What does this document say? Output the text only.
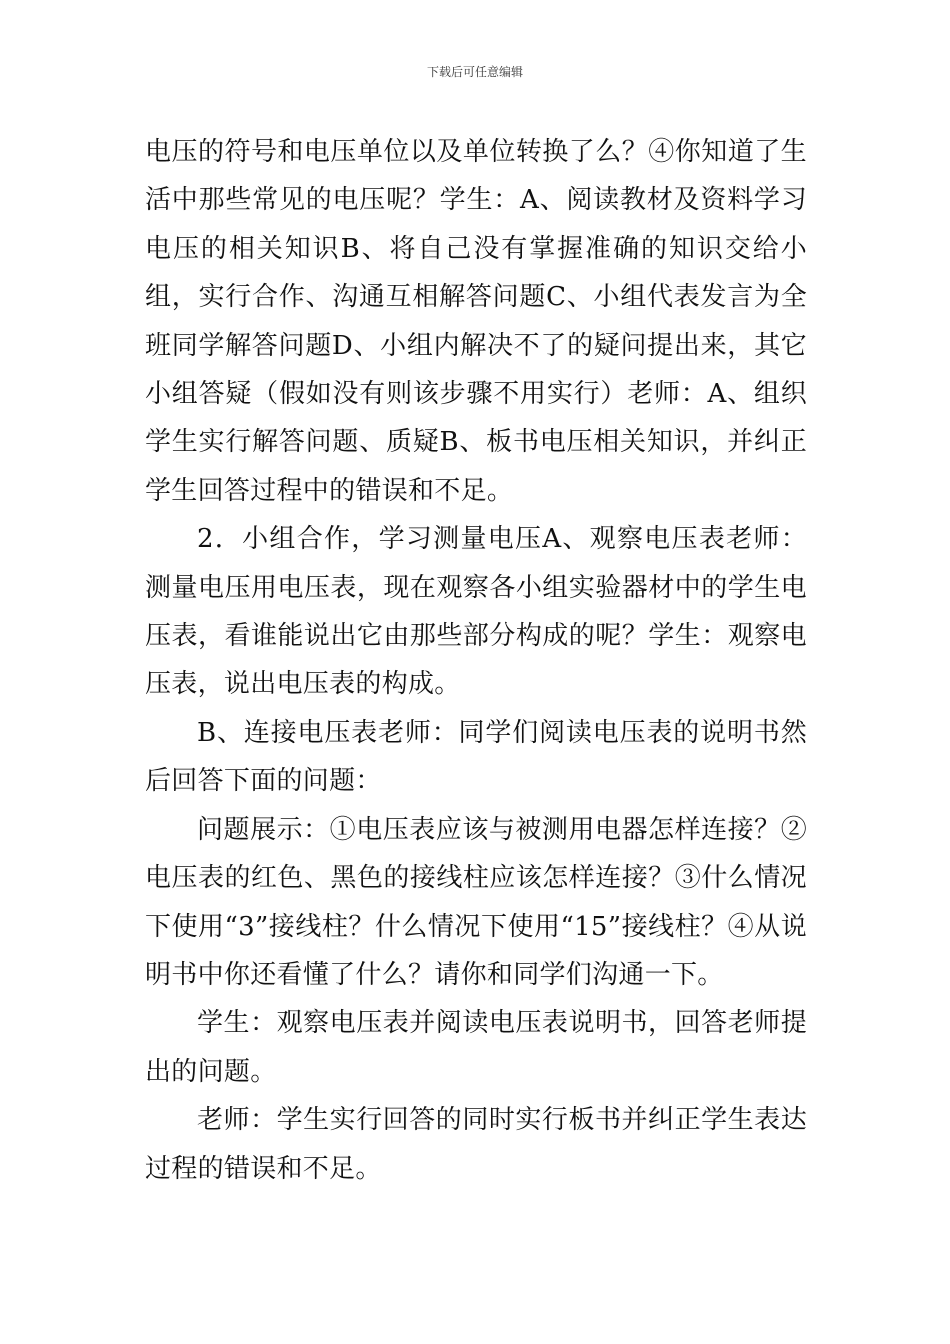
下载后可任意编辑

电压的符号和电压单位以及单位转换了么？④你知道了生活中那些常见的电压呢？学生：A、阅读教材及资料学习电压的相关知识B、将自己没有掌握准确的知识交给小组，实行合作、沟通互相解答问题C、小组代表发言为全班同学解答问题D、小组内解决不了的疑问提出来，其它小组答疑（假如没有则该步骤不用实行）老师：A、组织学生实行解答问题、质疑B、板书电压相关知识，并纠正学生回答过程中的错误和不足。

2．小组合作，学习测量电压A、观察电压表老师：测量电压用电压表，现在观察各小组实验器材中的学生电压表，看谁能说出它由那些部分构成的呢？学生：观察电压表，说出电压表的构成。

B、连接电压表老师：同学们阅读电压表的说明书然后回答下面的问题：

问题展示：①电压表应该与被测用电器怎样连接？②电压表的红色、黑色的接线柱应该怎样连接？③什么情况下使用“3”接线柱？什么情况下使用“15”接线柱？④从说明书中你还看懂了什么？请你和同学们沟通一下。

学生：观察电压表并阅读电压表说明书，回答老师提出的问题。

老师：学生实行回答的同时实行板书并纠正学生表达过程的错误和不足。
